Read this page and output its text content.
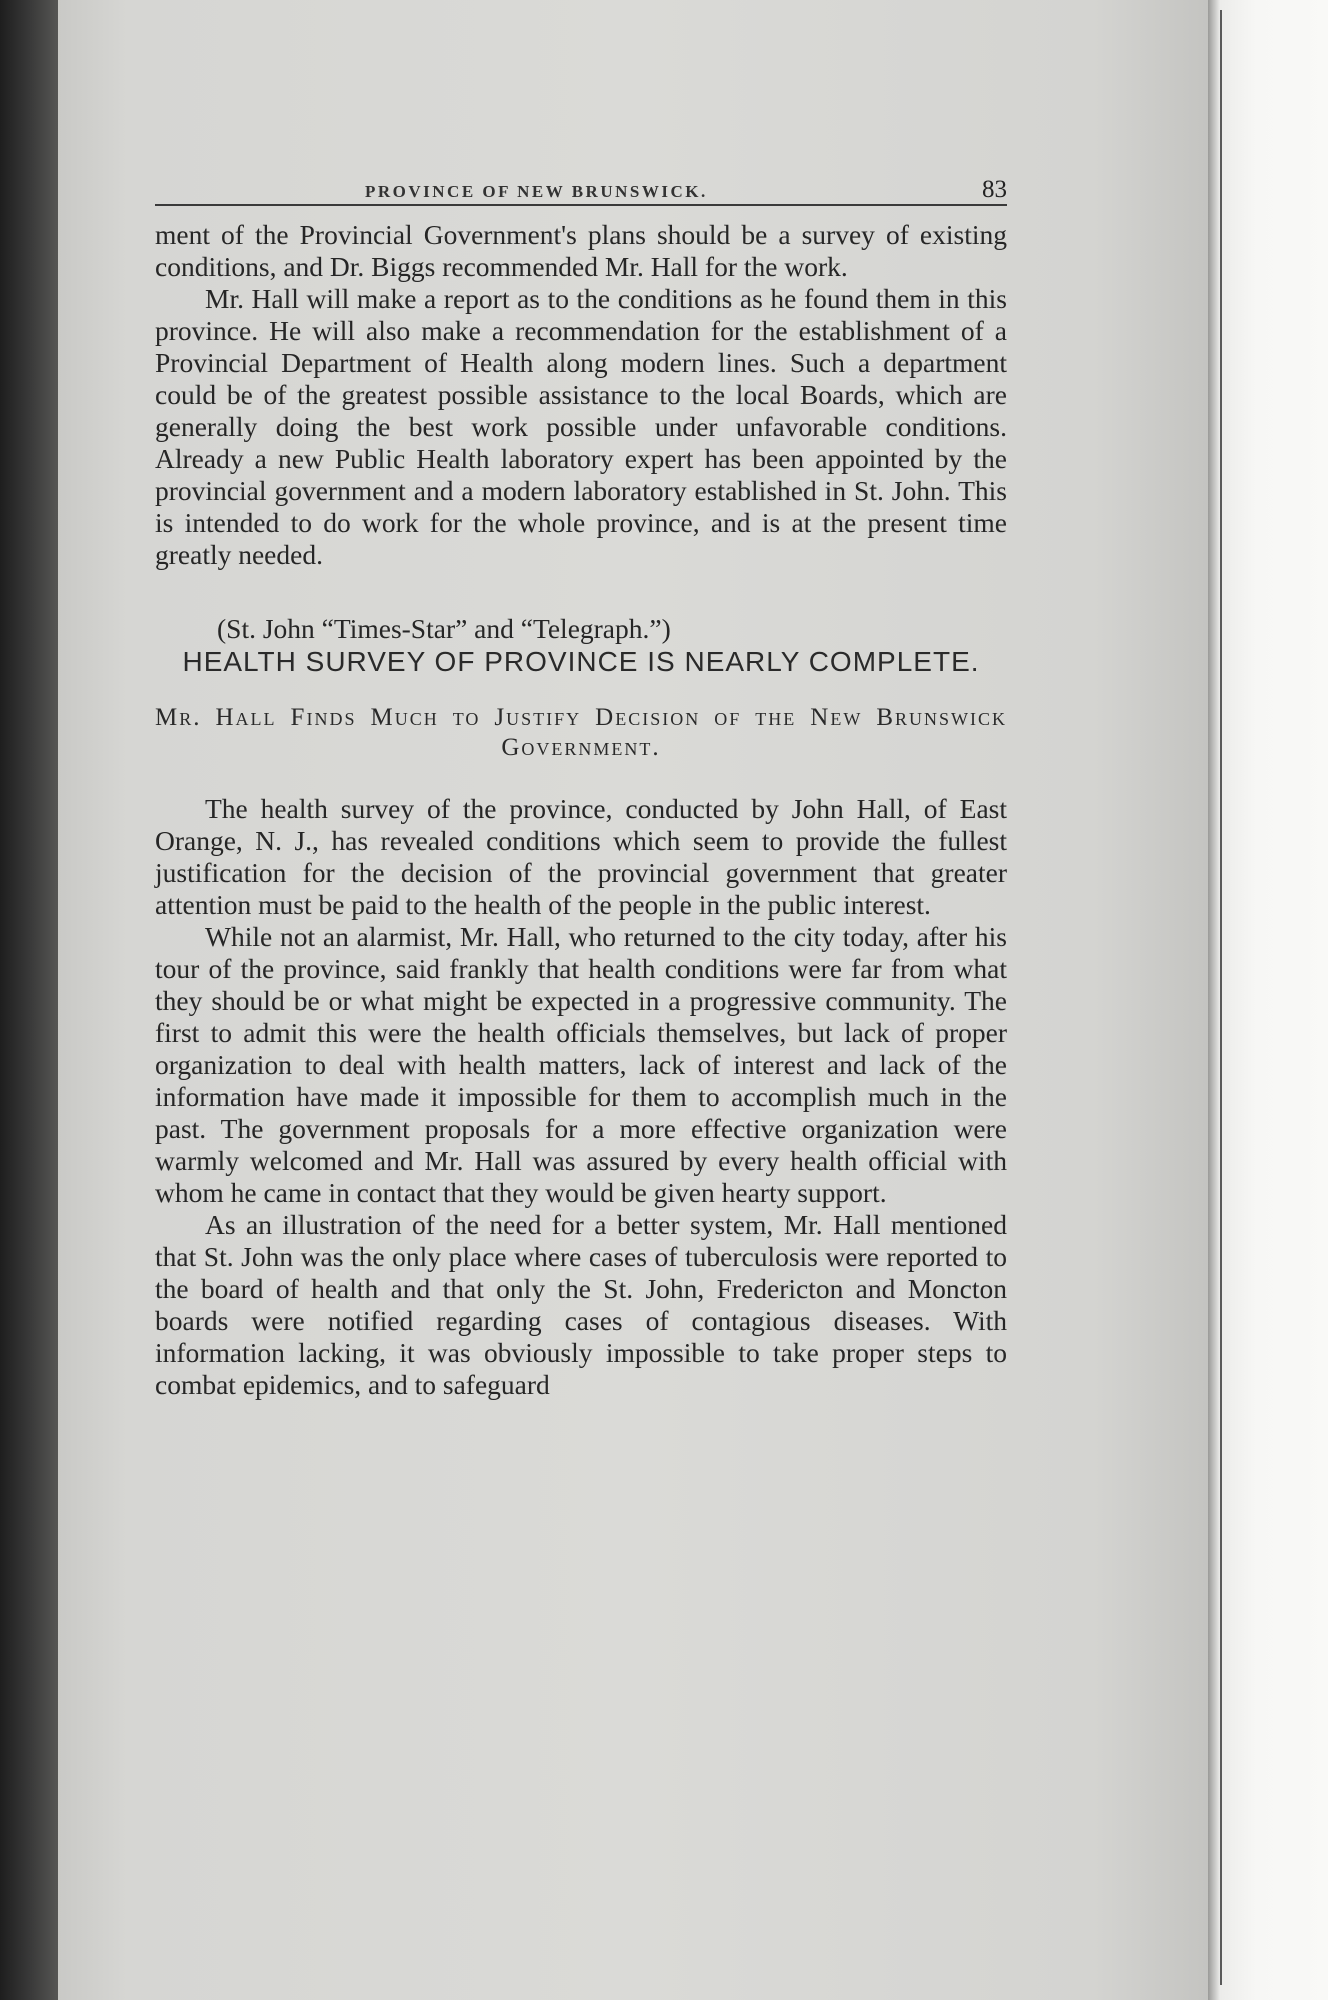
PROVINCE OF NEW BRUNSWICK.	83

ment of the Provincial Government's plans should be a survey of existing conditions, and Dr. Biggs recommended Mr. Hall for the work.

Mr. Hall will make a report as to the conditions as he found them in this province. He will also make a recommendation for the establishment of a Provincial Department of Health along modern lines. Such a department could be of the greatest possible assistance to the local Boards, which are generally doing the best work possible under unfavorable conditions. Already a new Public Health laboratory expert has been appointed by the provincial government and a modern laboratory established in St. John. This is intended to do work for the whole province, and is at the present time greatly needed.

(St. John “Times-Star” and “Telegraph.”)

HEALTH SURVEY OF PROVINCE IS NEARLY COMPLETE.
Mr. Hall Finds Much to Justify Decision of the New Brunswick Government.

The health survey of the province, conducted by John Hall, of East Orange, N. J., has revealed conditions which seem to provide the fullest justification for the decision of the provincial government that greater attention must be paid to the health of the people in the public interest.

While not an alarmist, Mr. Hall, who returned to the city today, after his tour of the province, said frankly that health conditions were far from what they should be or what might be expected in a progressive community. The first to admit this were the health officials themselves, but lack of proper organization to deal with health matters, lack of interest and lack of the information have made it impossible for them to accomplish much in the past. The government proposals for a more effective organization were warmly welcomed and Mr. Hall was assured by every health official with whom he came in contact that they would be given hearty support.

As an illustration of the need for a better system, Mr. Hall mentioned that St. John was the only place where cases of tuberculosis were reported to the board of health and that only the St. John, Fredericton and Moncton boards were notified regarding cases of contagious diseases. With information lacking, it was obviously impossible to take proper steps to combat epidemics, and to safeguard
